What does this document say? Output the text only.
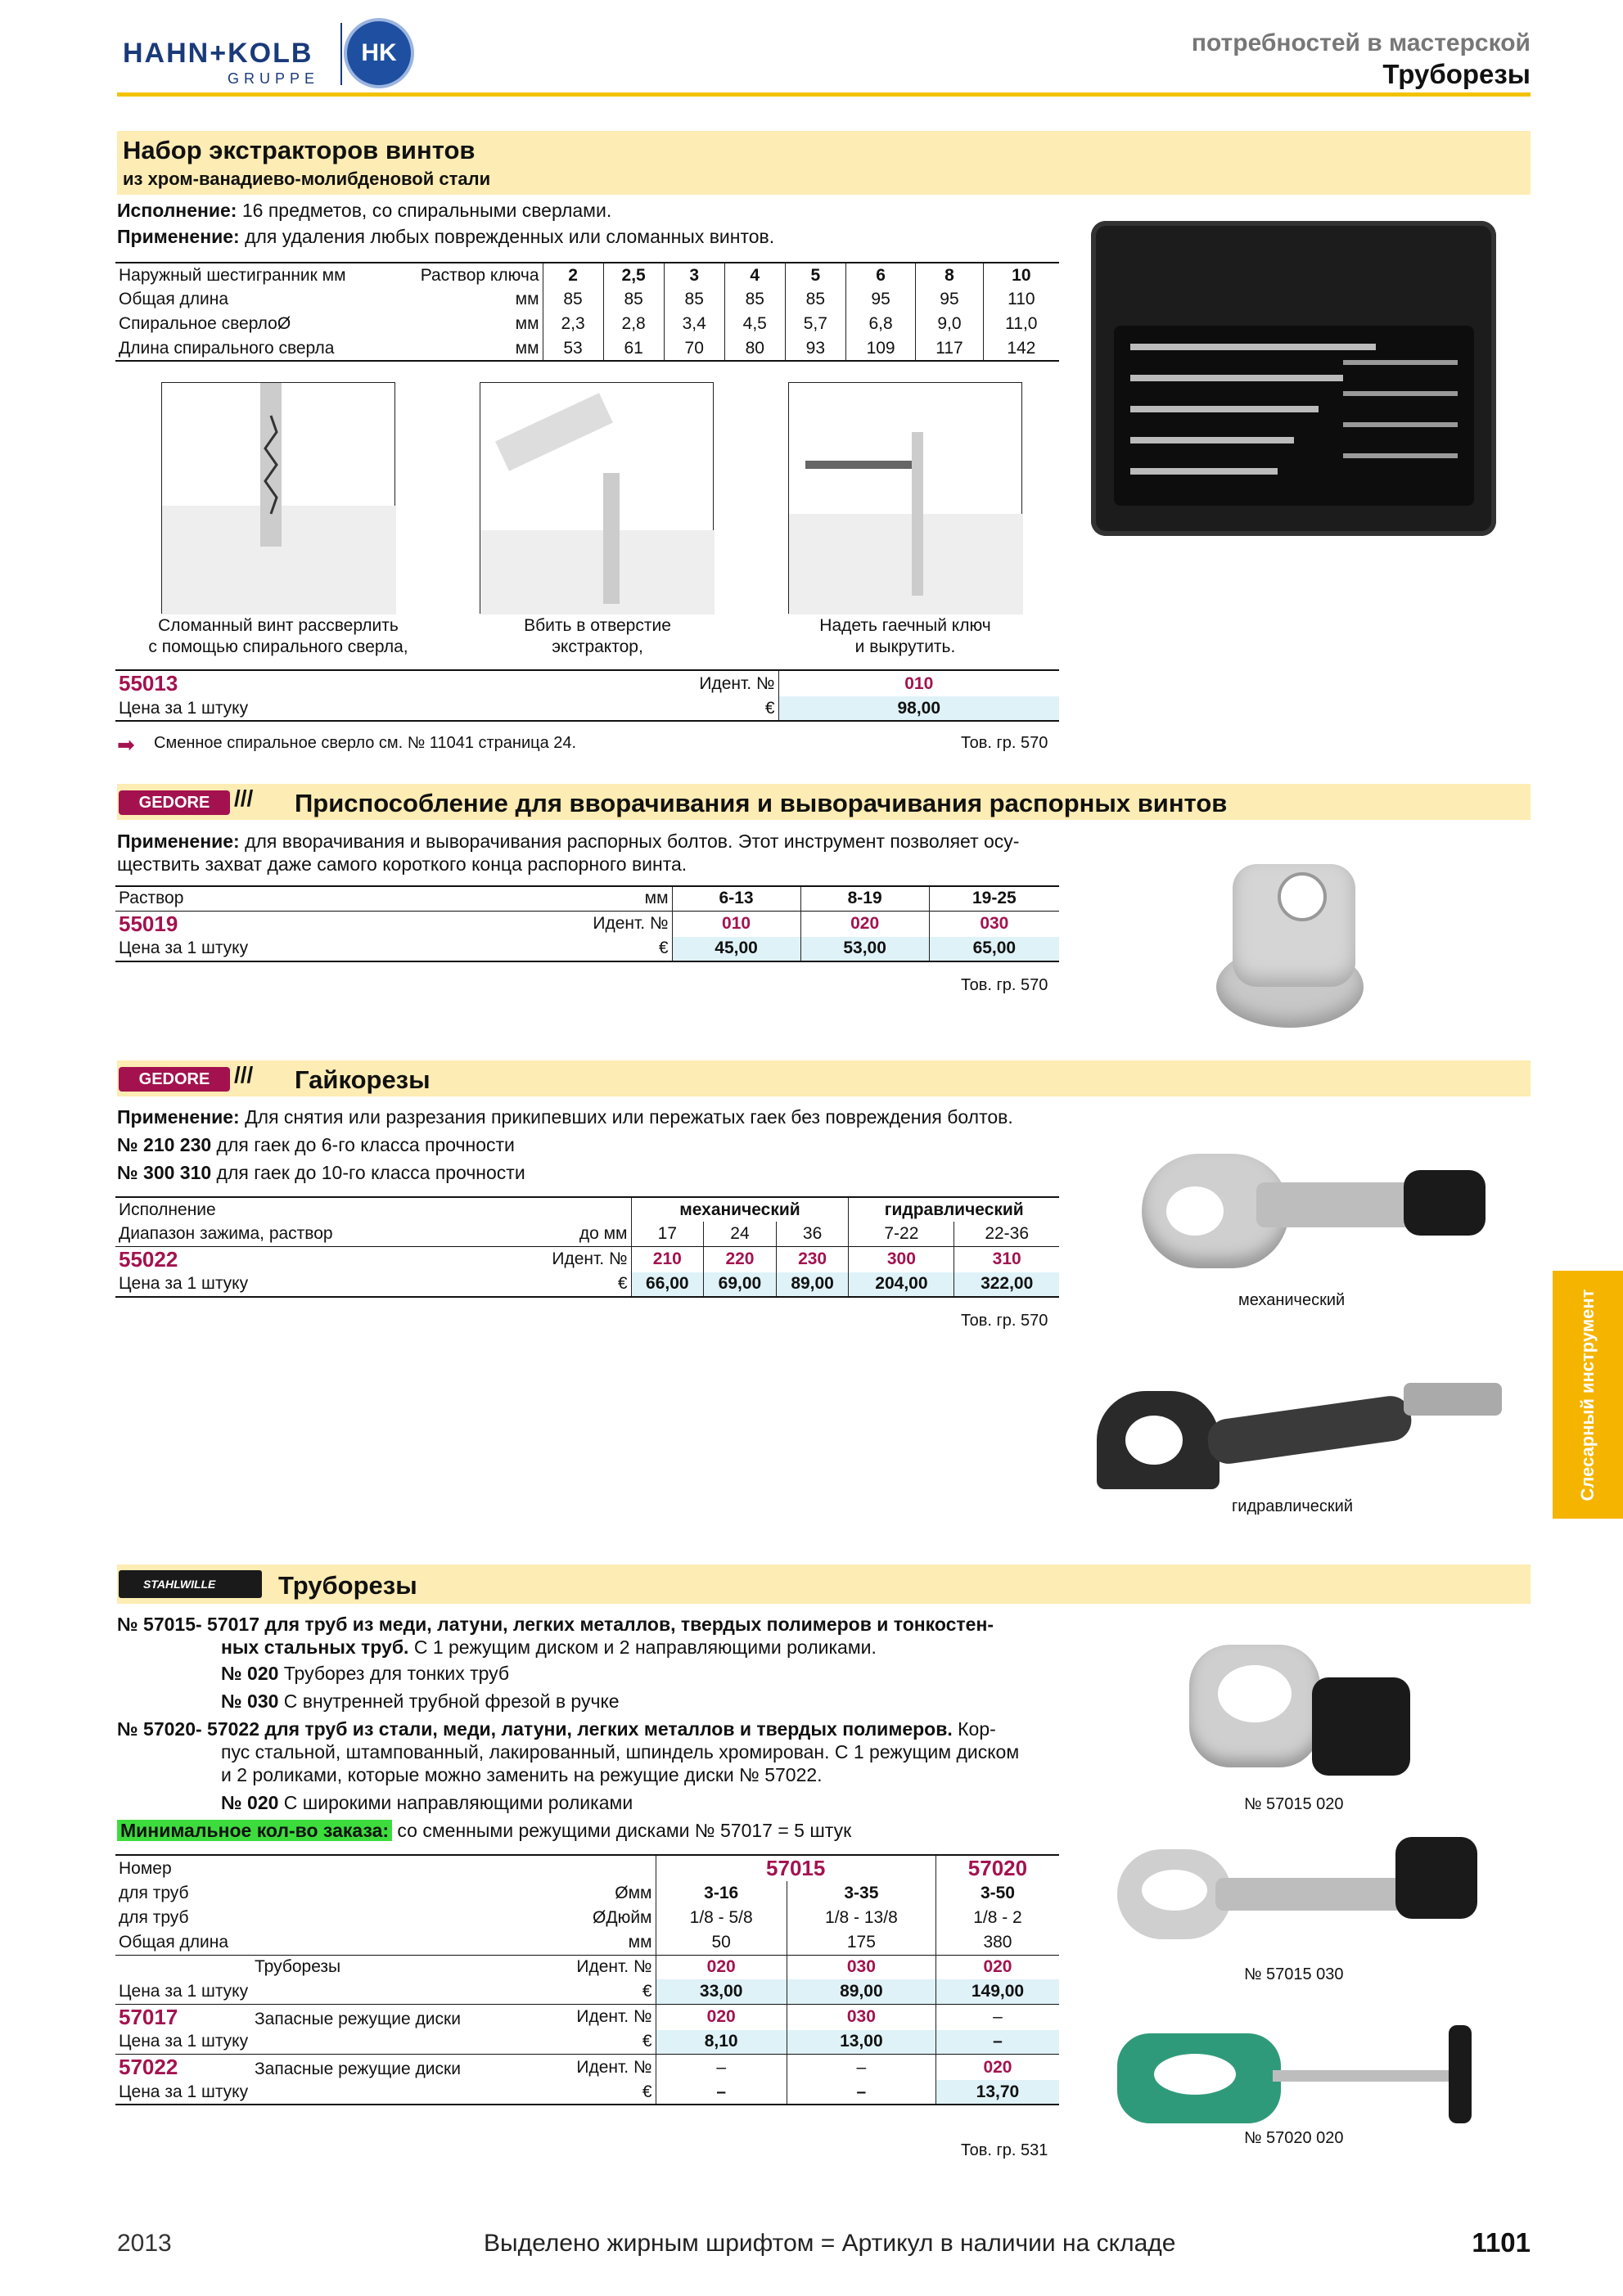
HAHN+KOLB
GRUPPE
HK	потребностей в мастерской
Труборезы
Слесарный инструмент
Набор экстракторов винтов
из хром-ванадиево-молибденовой стали
Исполнение: 16 предметов, со спиральными сверлами.
Применение: для удаления любых поврежденных или сломанных винтов.
Наружный шестигранник мм	Раствор ключа	2	2,5	3	4	5	6	8	10
Общая длина	мм	85	85	85	85	85	95	95	110
Спиральное сверлоØ	мм	2,3	2,8	3,4	4,5	5,7	6,8	9,0	11,0
Длина спирального сверла	мм	53	61	70	80	93	109	117	142
Сломанный винт рассверлить
с помощью спирального сверла,
Вбить в отверстие
экстрактор,
Надеть гаечный ключ
и выкрутить.
55013	Идент. №	010
Цена за 1 штуку	€	98,00
➡ Сменное спиральное сверло см. № 11041 страница 24.	Тов. гр. 570
GEDORE	/// Приспособление для вворачивания и выворачивания распорных винтов
Применение: для вворачивания и выворачивания распорных болтов. Этот инструмент позволяет осу-
ществить захват даже самого короткого конца распорного винта.
Раствор	мм	6-13	8-19	19-25
55019	Идент. №	010	020	030
Цена за 1 штуку	€	45,00	53,00	65,00
Тов. гр. 570
GEDORE	/// Гайкорезы
Применение: Для снятия или разрезания прикипевших или пережатых гаек без повреждения болтов.
№ 210 230 для гаек до 6-го класса прочности
№ 300 310 для гаек до 10-го класса прочности
Исполнение		механический			гидравлический	
Диапазон зажима, раствор	до мм	17	24	36	7-22	22-36
55022	Идент. №	210	220	230	300	310
Цена за 1 штуку	€	66,00	69,00	89,00	204,00	322,00
Тов. гр. 570
механический
гидравлический
STAHLWILLE	Труборезы
№ 57015- 57017 для труб из меди, латуни, легких металлов, твердых полимеров и тонкостен-
ных стальных труб. С 1 режущим диском и 2 направляющими роликами.
№ 020 Труборез для тонких труб
№ 030 С внутренней трубной фрезой в ручке
№ 57020- 57022 для труб из стали, меди, латуни, легких металлов и твердых полимеров. Кор-
пус стальной, штампованный, лакированный, шпиндель хромирован. С 1 режущим диском
и 2 роликами, которые можно заменить на режущие диски № 57022.
№ 020 С широкими направляющими роликами
Минимальное кол-во заказа: со сменными режущими дисками № 57017 = 5 штук
Номер		57015		57020
для труб	Øмм	3-16	3-35	3-50
для труб	ØДюйм	1/8 - 5/8	1/8 - 13/8	1/8 - 2
Общая длина	мм	50	175	380
Труборезы	Идент. №	020	030	020
Цена за 1 штуку	€	33,00	89,00	149,00
57017 Запасные режущие диски	Идент. №	020	030	–
Цена за 1 штуку	€	8,10	13,00	–
57022 Запасные режущие диски	Идент. №	–	–	020
Цена за 1 штуку	€	–	–	13,70
Тов. гр. 531
№ 57015 020
№ 57015 030
№ 57020 020
2013	Выделено жирным шрифтом = Артикул в наличии на складе	1101
